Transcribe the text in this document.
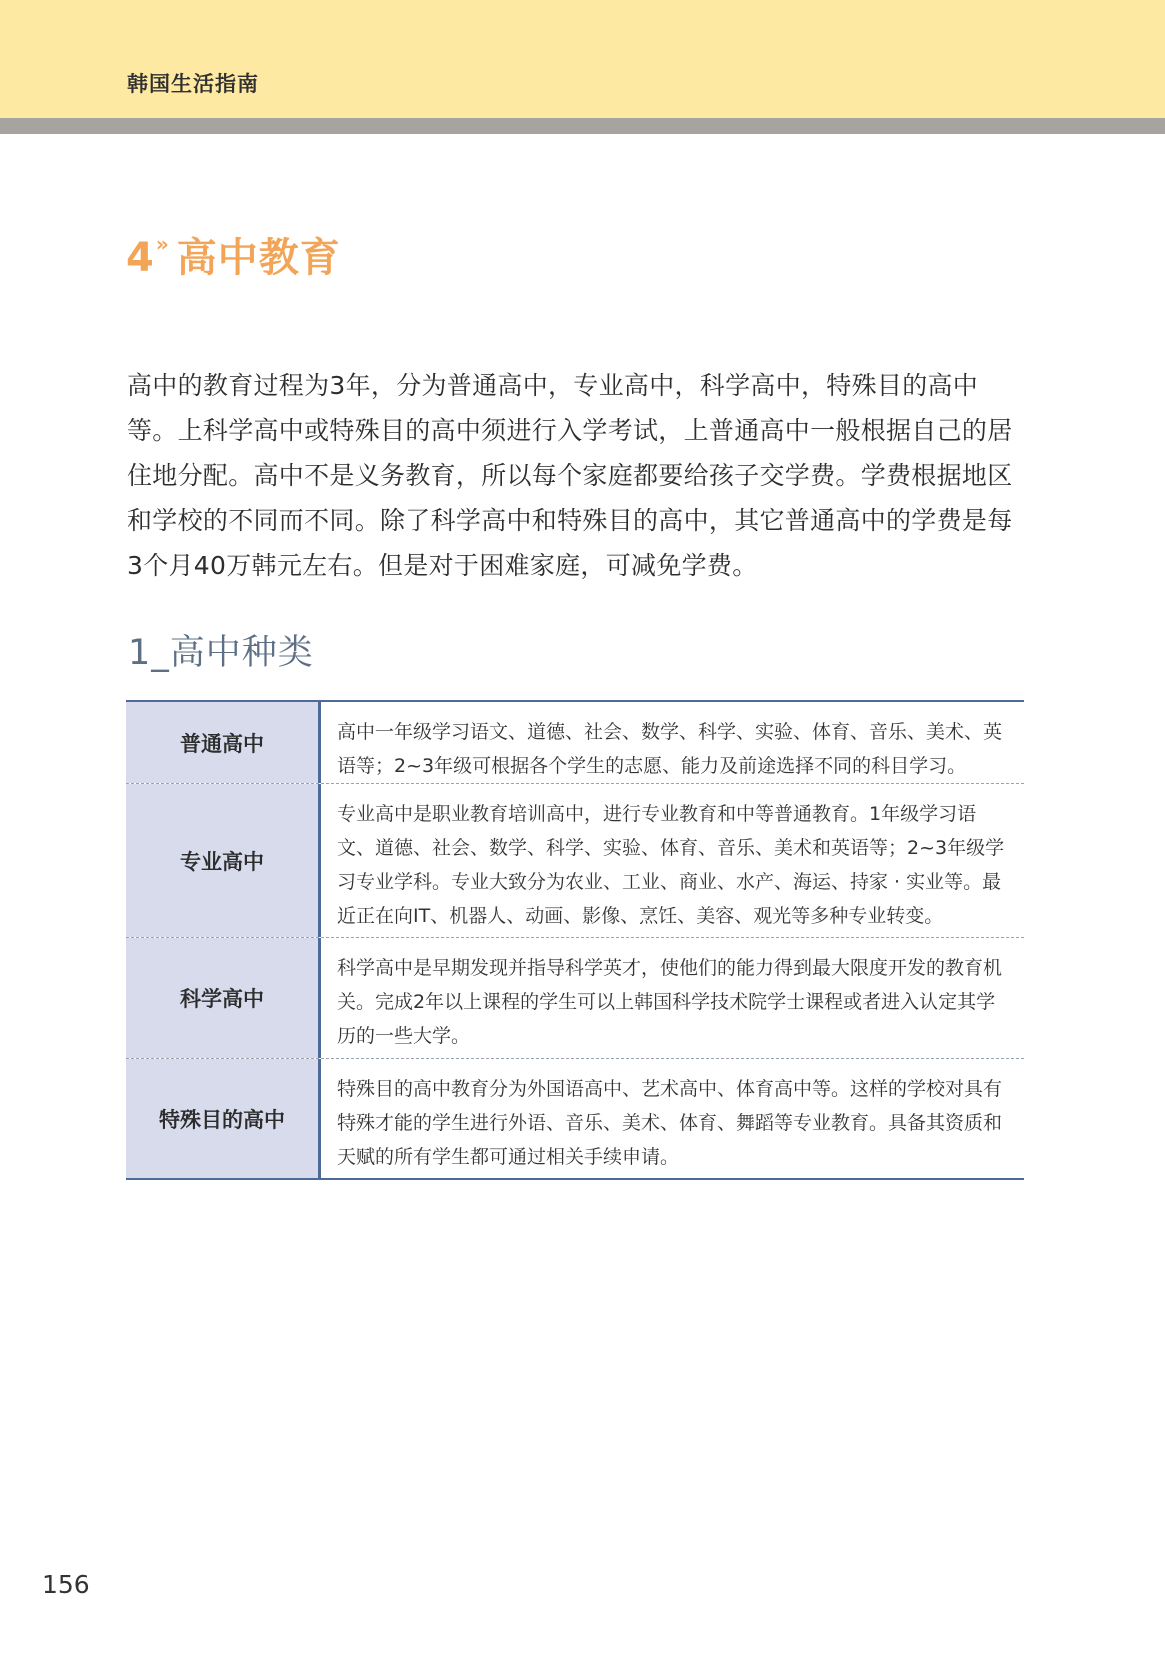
韩国生活指南
4 » 高中教育
高中的教育过程为3年，分为普通高中，专业高中，科学高中，特殊目的高中等。上科学高中或特殊目的高中须进行入学考试，上普通高中一般根据自己的居住地分配。高中不是义务教育，所以每个家庭都要给孩子交学费。学费根据地区和学校的不同而不同。除了科学高中和特殊目的高中，其它普通高中的学费是每3个月40万韩元左右。但是对于困难家庭，可减免学费。
1_高中种类
普通高中	高中一年级学习语文、道德、社会、数学、科学、实验、体育、音乐、美术、英语等；2~3年级可根据各个学生的志愿、能力及前途选择不同的科目学习。
专业高中
专业高中是职业教育培训高中，进行专业教育和中等普通教育。1年级学习语文、道德、社会、数学、科学、实验、体育、音乐、美术和英语等；2~3年级学习专业学科。专业大致分为农业、工业、商业、水产、海运、持家 · 实业等。最近正在向IT、机器人、动画、影像、烹饪、美容、观光等多种专业转变。
科学高中
科学高中是早期发现并指导科学英才，使他们的能力得到最大限度开发的教育机关。完成2年以上课程的学生可以上韩国科学技术院学士课程或者进入认定其学历的一些大学。
特殊目的高中
特殊目的高中教育分为外国语高中、艺术高中、体育高中等。这样的学校对具有特殊才能的学生进行外语、音乐、美术、体育、舞蹈等专业教育。具备其资质和天赋的所有学生都可通过相关手续申请。
156
